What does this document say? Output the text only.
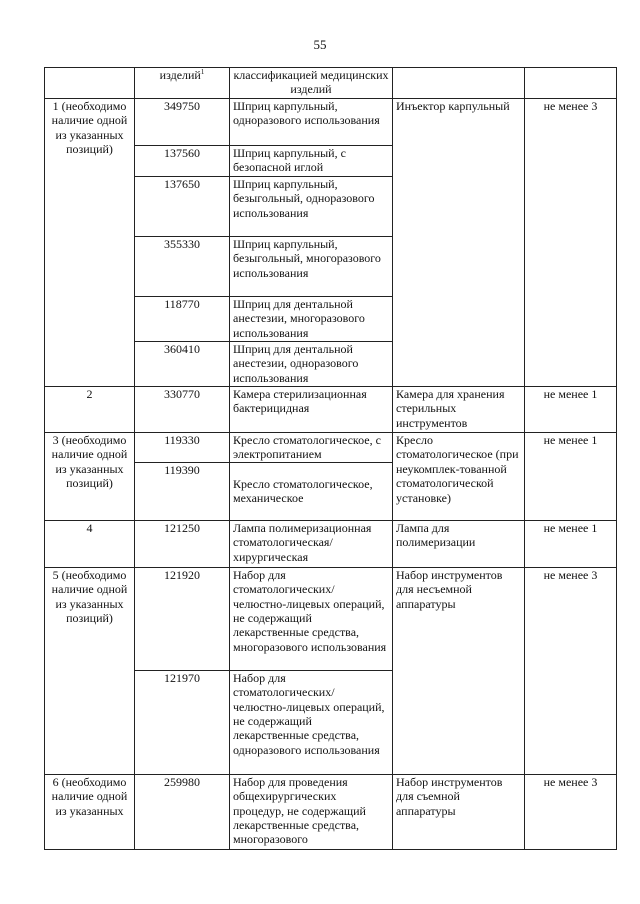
55
	изделий$^1$	классификацией медицинских изделий		
1 (необходимо наличие одной из указанных позиций)	349750	Шприц карпульный, одноразового использования	Инъектор карпульный	не менее 3
	137560	Шприц карпульный, с безопасной иглой		
	137650	Шприц карпульный, безыгольный, одноразового использования		
	355330	Шприц карпульный, безыгольный, многоразового использования		
	118770	Шприц для дентальной анестезии, многоразового использования		
	360410	Шприц для дентальной анестезии, одноразового использования		
2	330770	Камера стерилизационная бактерицидная	Камера для хранения стерильных инструментов	не менее 1
3 (необходимо наличие одной из указанных позиций)	119330	Кресло стоматологическое, с электропитанием	Кресло стоматологическое (при неукомплек-тованной стоматологической установке)	не менее 1
	119390	Кресло стоматологическое, механическое		
4	121250	Лампа полимеризационная стоматологическая/ хирургическая	Лампа для полимеризации	не менее 1
5 (необходимо наличие одной из указанных позиций)	121920	Набор для стоматологических/ челюстно-лицевых операций, не содержащий лекарственные средства, многоразового использования	Набор инструментов для несъемной аппаратуры	не менее 3
	121970	Набор для стоматологических/ челюстно-лицевых операций, не содержащий лекарственные средства, одноразового использования		
6 (необходимо наличие одной из указанных	259980	Набор для проведения общехирургических процедур, не содержащий лекарственные средства, многоразового	Набор инструментов для съемной аппаратуры	не менее 3
